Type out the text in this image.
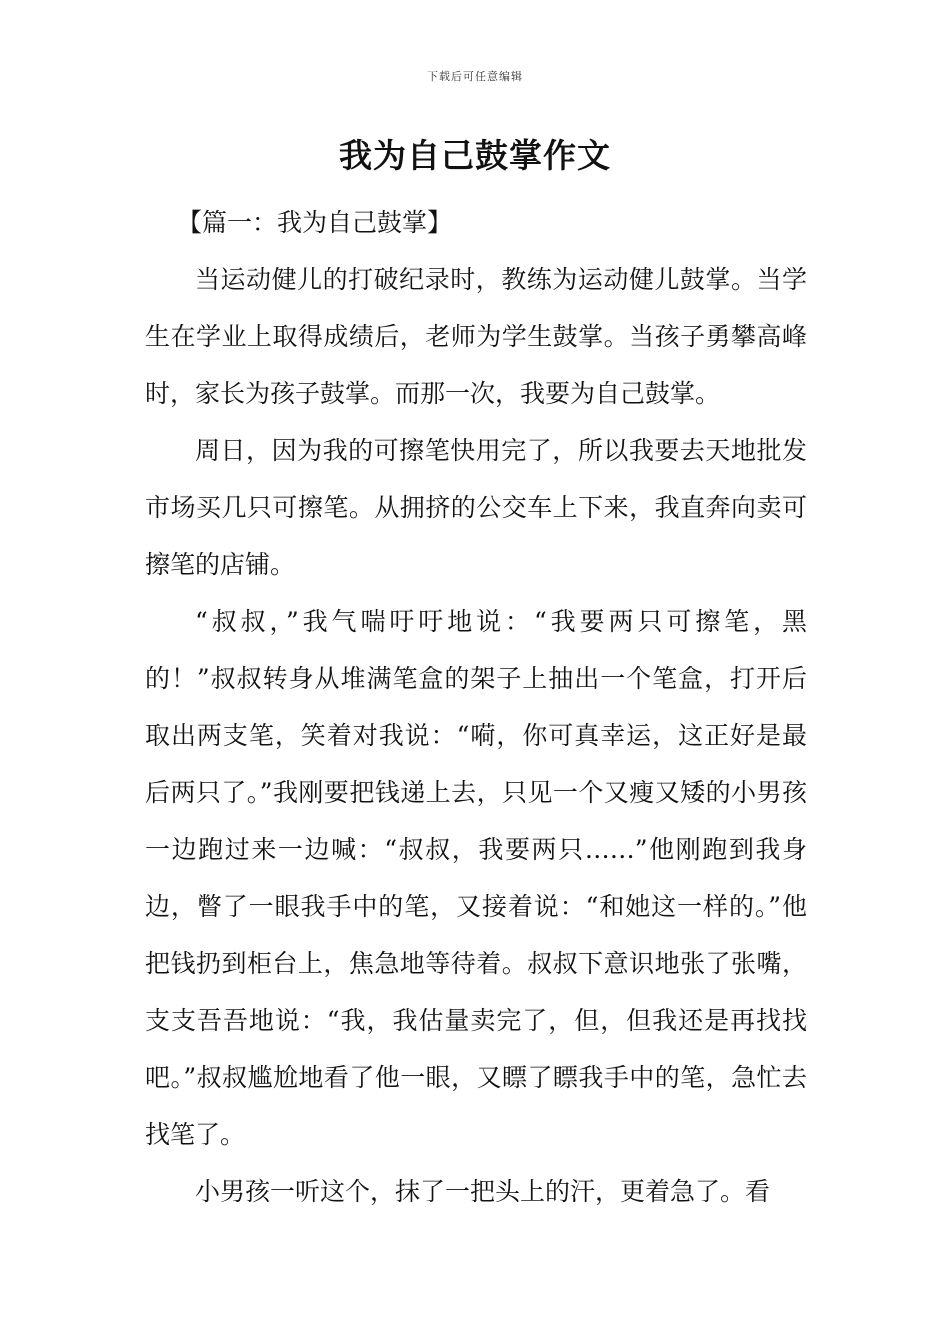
下载后可任意编辑
我为自己鼓掌作文

【篇一：我为自己鼓掌】

当运动健儿的打破纪录时，教练为运动健儿鼓掌。当学生在学业上取得成绩后，老师为学生鼓掌。当孩子勇攀高峰时，家长为孩子鼓掌。而那一次，我要为自己鼓掌。

周日，因为我的可擦笔快用完了，所以我要去天地批发市场买几只可擦笔。从拥挤的公交车上下来，我直奔向卖可擦笔的店铺。

“叔叔，”我气喘吁吁地说：“我要两只可擦笔，黑的！”叔叔转身从堆满笔盒的架子上抽出一个笔盒，打开后取出两支笔，笑着对我说：“嗬，你可真幸运，这正好是最后两只了。”我刚要把钱递上去，只见一个又瘦又矮的小男孩一边跑过来一边喊：“叔叔，我要两只……”他刚跑到我身边，瞥了一眼我手中的笔，又接着说：“和她这一样的。”他把钱扔到柜台上，焦急地等待着。叔叔下意识地张了张嘴，支支吾吾地说：“我，我估量卖完了，但，但我还是再找找吧。”叔叔尴尬地看了他一眼，又瞟了瞟我手中的笔，急忙去找笔了。

小男孩一听这个，抹了一把头上的汗，更着急了。看
